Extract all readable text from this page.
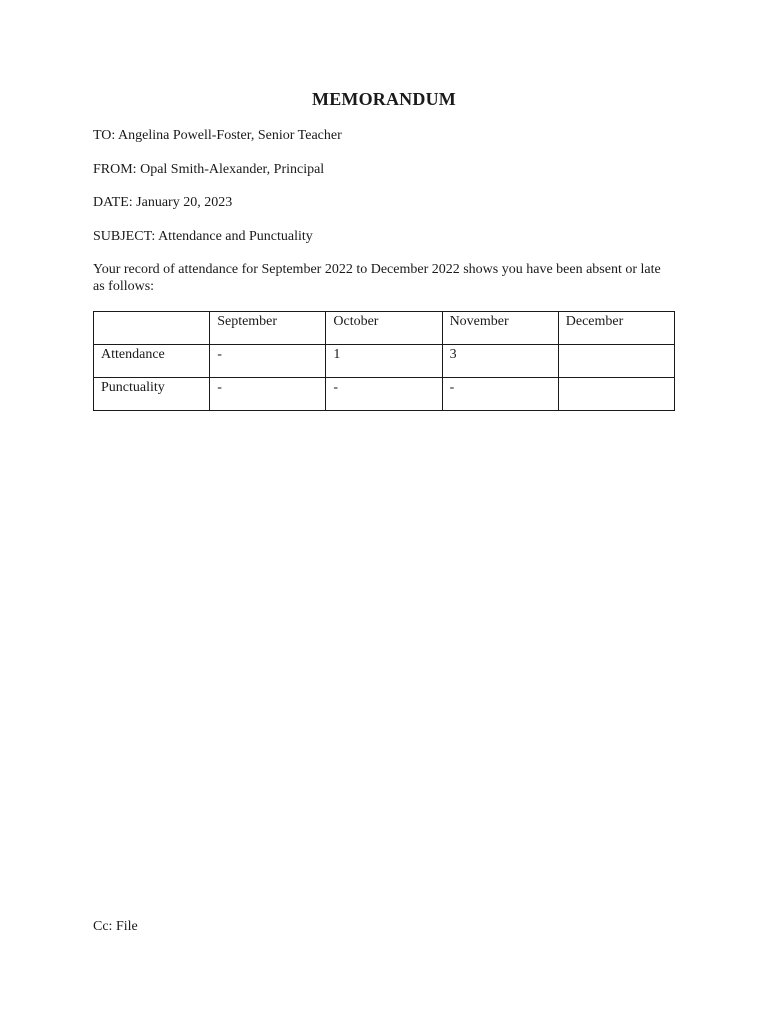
MEMORANDUM
TO: Angelina Powell-Foster, Senior Teacher
FROM: Opal Smith-Alexander, Principal
DATE: January 20, 2023
SUBJECT: Attendance and Punctuality
Your record of attendance for September 2022 to December 2022 shows you have been absent or late as follows:
	September	October	November	December
Attendance	-	1	3	
Punctuality	-	-	-	
Cc: File
